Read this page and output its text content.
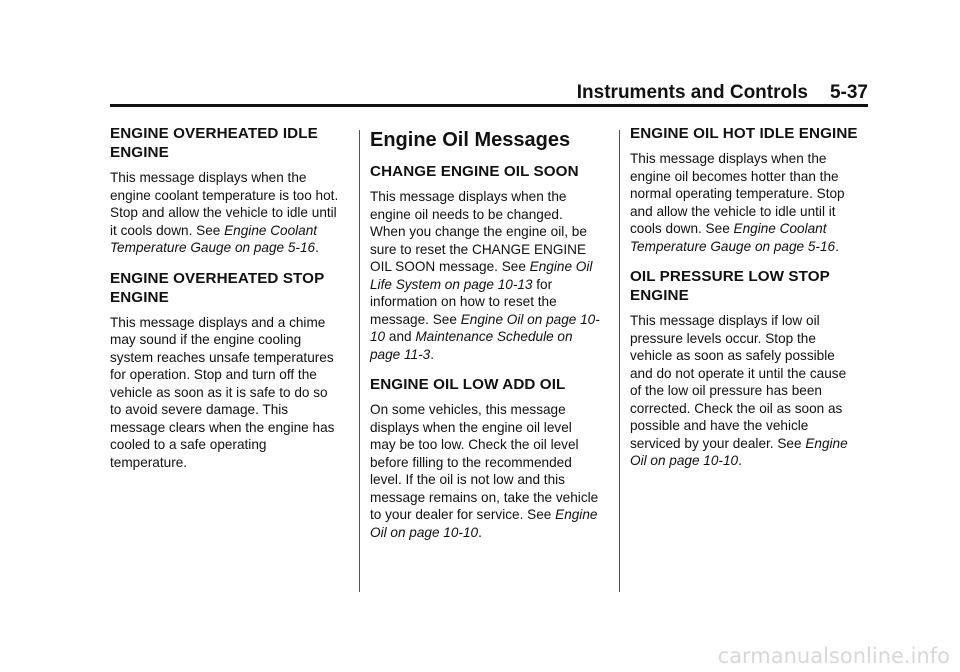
Instruments and Controls 5-37
ENGINE OVERHEATED IDLE ENGINE

This message displays when the engine coolant temperature is too hot. Stop and allow the vehicle to idle until it cools down. See Engine Coolant Temperature Gauge on page 5-16.

ENGINE OVERHEATED STOP ENGINE

This message displays and a chime may sound if the engine cooling system reaches unsafe temperatures for operation. Stop and turn off the vehicle as soon as it is safe to do so to avoid severe damage. This message clears when the engine has cooled to a safe operating temperature.

Engine Oil Messages
CHANGE ENGINE OIL SOON

This message displays when the engine oil needs to be changed. When you change the engine oil, be sure to reset the CHANGE ENGINE OIL SOON message. See Engine Oil Life System on page 10-13 for information on how to reset the message. See Engine Oil on page 10-10 and Maintenance Schedule on page 11-3.

ENGINE OIL LOW ADD OIL

On some vehicles, this message displays when the engine oil level may be too low. Check the oil level before filling to the recommended level. If the oil is not low and this message remains on, take the vehicle to your dealer for service. See Engine Oil on page 10-10.

ENGINE OIL HOT IDLE ENGINE

This message displays when the engine oil becomes hotter than the normal operating temperature. Stop and allow the vehicle to idle until it cools down. See Engine Coolant Temperature Gauge on page 5-16.

OIL PRESSURE LOW STOP ENGINE

This message displays if low oil pressure levels occur. Stop the vehicle as soon as safely possible and do not operate it until the cause of the low oil pressure has been corrected. Check the oil as soon as possible and have the vehicle serviced by your dealer. See Engine Oil on page 10-10.

carmanualsonline.info
